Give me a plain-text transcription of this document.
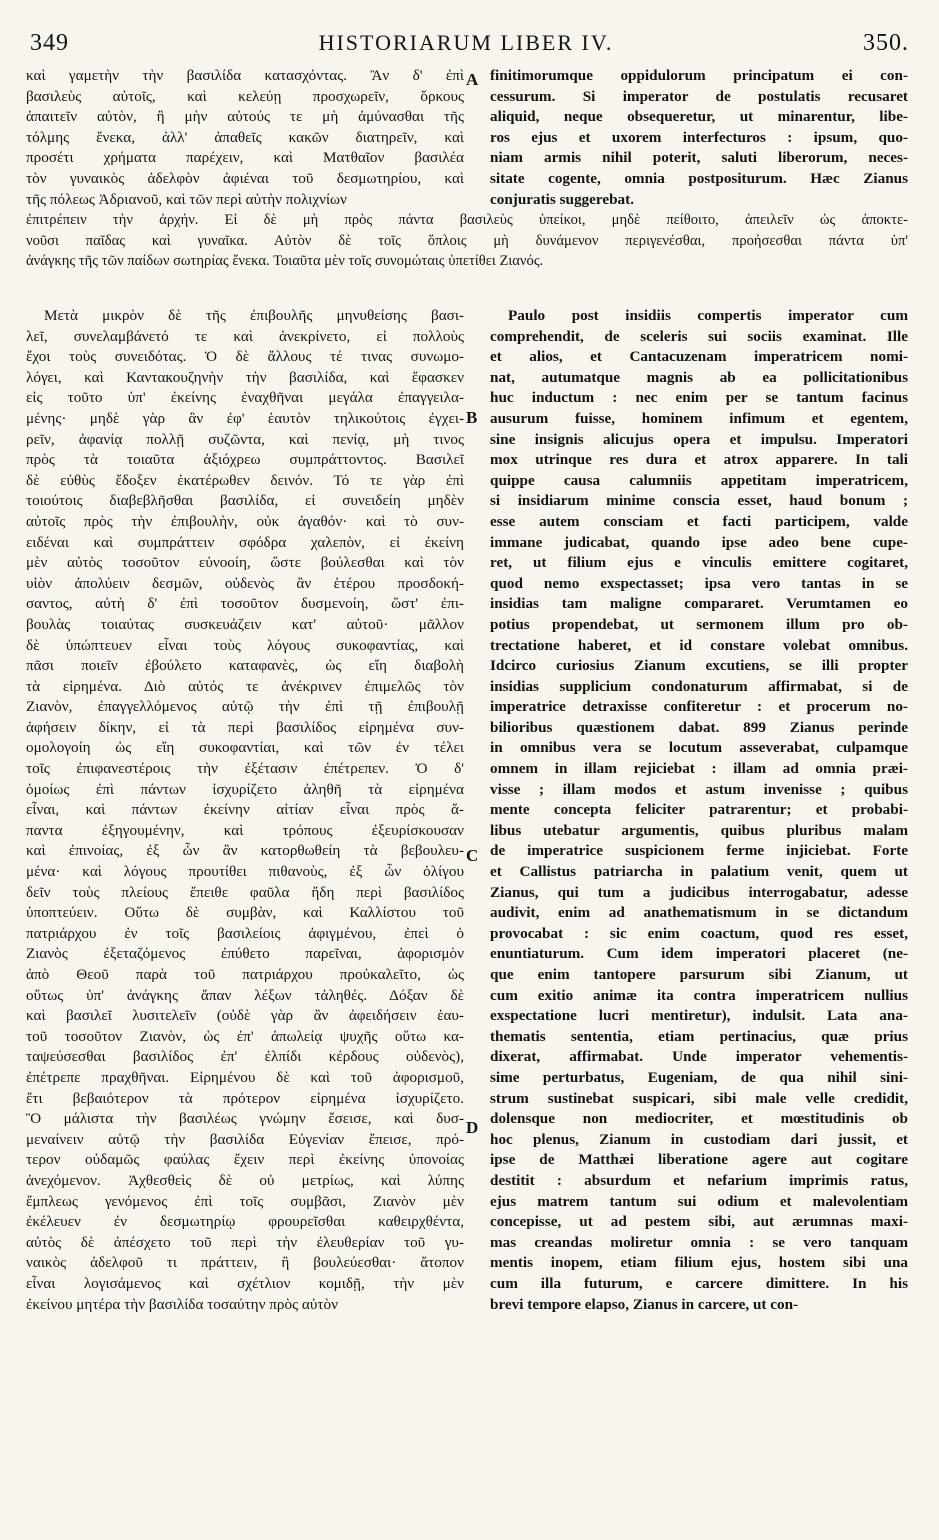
349	HISTORIARUM LIBER IV.	350.
καὶ γαμετὴν τὴν βασιλίδα κατασχόντας. Ἂν δ' ἐπὶ
βασιλεὺς αὐτοῖς, καὶ κελεύῃ προσχωρεῖν, ὅρκους
ἀπαιτεῖν αὐτὸν, ἢ μὴν αὐτούς τε μὴ ἀμύνασθαι τῆς
τόλμης ἕνεκα, ἀλλ' ἀπαθεῖς κακῶν διατηρεῖν, καὶ
προσέτι χρήματα παρέχειν, καὶ Ματθαῖον βασιλέα
τὸν γυναικὸς ἀδελφὸν ἀφιέναι τοῦ δεσμωτηρίου, καὶ
τῆς πόλεως Ἀδριανοῦ, καὶ τῶν περὶ αὐτὴν πολιχνίων
finitimorumque oppidulorum principatum ei con-
cessurum. Si imperator de postulatis recusaret
aliquid, neque obsequeretur, ut minarentur, libe-
ros ejus et uxorem interfecturos : ipsum, quo-
niam armis nihil poterit, saluti liberorum, neces-
sitate cogente, omnia postpositurum. Hæc Zianus
conjuratis suggerebat.
ἐπιτρέπειν τὴν ἀρχήν. Εἰ δὲ μὴ πρὸς πάντα βασιλεὺς ὑπείκοι, μηδὲ πείθοιτο, ἀπειλεῖν ὡς ἀποκτε-
νοῦσι παῖδας καὶ γυναῖκα. Αὐτὸν δὲ τοῖς ὅπλοις μὴ δυνάμενον περιγενέσθαι, προήσεσθαι πάντα ὑπ'
ἀνάγκης τῆς τῶν παίδων σωτηρίας ἕνεκα. Τοιαῦτα μὲν τοῖς συνομώταις ὑπετίθει Ζιανός.
Μετὰ μικρὸν δὲ τῆς ἐπιβουλῆς μηνυθείσης βασι-
λεῖ, συνελαμβάνετό τε καὶ ἀνεκρίνετο, εἰ πολλοὺς
ἔχοι τοὺς συνειδότας. Ὁ δὲ ἄλλους τέ τινας συνωμο-
λόγει, καὶ Κανταкουζηνὴν τὴν βασιλίδα, καὶ ἔφασκεν
εἰς τοῦτο ὑπ' ἐκείνης ἐναχθῆναι μεγάλα ἐπαγγειλα-
μένης· μηδὲ γὰρ ἂν ἐφ' ἑαυτὸν τηλικούτοις ἐγχει-
ρεῖν, ἀφανίᾳ πολλῇ συζῶντα, καὶ πενίᾳ, μὴ τινος
πρὸς τὰ τοιαῦτα ἀξιόχρεω συμπράττοντος. Βασιλεῖ
δὲ εὐθὺς ἔδοξεν ἑκατέρωθεν δεινόν. Τό τε γὰρ ἐπὶ
τοιούτοις διαβεβλῆσθαι βασιλίδα, εἰ συνειδείη μηδὲν
αὐτοῖς πρὸς τὴν ἐπιβουλὴν, οὐκ ἀγαθόν· καὶ τὸ συν-
ειδέναι καὶ συμπράττειν σφόδρα χαλεπὸν, εἰ ἐκείνη
μὲν αὐτὸς τοσοῦτον εὐνοοίη, ὥστε βούλεσθαι καὶ τὸν
υἱὸν ἀπολύειν δεσμῶν, οὐδενὸς ἂν ἑτέρου προσδοκή-
σαντος, αὐτὴ δ' ἐπὶ τοσοῦτον δυσμενοίη, ὥστ' ἐπι-
βουλὰς τοιαύτας συσκευάζειν κατ' αὐτοῦ· μᾶλλον
δὲ ὑπώπτευεν εἶναι τοὺς λόγους συκοφαντίας, καὶ
πᾶσι ποιεῖν ἐβούλετο καταφανὲς, ὡς εἴη διαβολὴ
τὰ εἰρημένα. Διὸ αὐτός τε ἀνέκρινεν ἐπιμελῶς τὸν
Ζιανὸν, ἐπαγγελλόμενος αὐτῷ τὴν ἐπὶ τῇ ἐπιβουλῇ
ἀφήσειν δίκην, εἰ τὰ περὶ βασιλίδος εἰρημένα συν-
ομολογοίη ὡς εἴη συκοφαντίαι, καὶ τῶν ἐν τέλει
τοῖς ἐπιφανεστέροις τὴν ἐξέτασιν ἐπέτρεπεν. Ὁ δ'
ὁμοίως ἐπὶ πάντων ἰσχυρίζετο ἀληθῆ τὰ εἰρημένα
εἶναι, καὶ πάντων ἐκείνην αἰτίαν εἶναι πρὸς ἅ-
παντα ἐξηγουμένην, καὶ τρόπους ἐξευρίσκουσαν
καὶ ἐπινοίας, ἐξ ὧν ἂν κατορθωθείη τὰ βεβουλευ-
μένα· καὶ λόγους προυτίθει πιθανοὺς, ἐξ ὧν ὀλίγου
δεῖν τοὺς πλείους ἔπειθε φαῦλα ἤδη περὶ βασιλίδος
ὑποπτεύειν. Οὕτω δὲ συμβὰν, καὶ Καλλίστου τοῦ
πατριάρχου ἐν τοῖς βασιλείοις ἀφιγμένου, ἐπεὶ ὁ
Ζιανὸς ἐξεταζόμενος ἐπύθετο παρεῖναι, ἀφορισμὸν
ἀπὸ Θεοῦ παρὰ τοῦ πατριάρχου προὐκαλεῖτο, ὡς
οὕτως ὑπ' ἀνάγκης ἅπαν λέξων τἀληθές. Δόξαν δὲ
καὶ βασιλεῖ λυσιτελεῖν (οὐδὲ γὰρ ἂν ἀφειδήσειν ἑαυ-
τοῦ τοσοῦτον Ζιανὸν, ὡς ἐπ' ἀπωλείᾳ ψυχῆς οὕτω κα-
ταψεύσεσθαι βασιλίδος ἐπ' ἐλπίδι κέρδους οὐδενὸς),
ἐπέτρεπε πραχθῆναι. Εἰρημένου δὲ καὶ τοῦ ἀφορισμοῦ,
ἔτι βεβαιότερον τὰ πρότερον εἰρημένα ἰσχυρίζετο.
Ὃ μάλιστα τὴν βασιλέως γνώμην ἔσεισε, καὶ δυσ-
μεναίνειν αὐτῷ τὴν βασιλίδα Εὐγενίαν ἔπεισε, πρό-
τερον οὐδαμῶς φαύλας ἔχειν περὶ ἐκείνης ὑπονοίας
ἀνεχόμενον. Ἀχθεσθεὶς δὲ οὐ μετρίως, καὶ λύπης
ἔμπλεως γενόμενος ἐπὶ τοῖς συμβᾶσι, Ζιανὸν μὲν
ἐκέλευεν ἐν δεσμωτηρίῳ φρουρεῖσθαι καθειρχθέντα,
αὐτὸς δὲ ἀπέσχετο τοῦ περὶ τὴν ἐλευθερίαν τοῦ γυ-
ναικὸς ἀδελφοῦ τι πράττειν, ἢ βουλεύεσθαι· ἄτοπον
εἶναι λογισάμενος καὶ σχέτλιον κομιδῇ, τὴν μὲν
ἐκείνου μητέρα τὴν βασιλίδα τοσαύτην πρὸς αὐτὸν
Paulo post insidiis compertis imperator cum
comprehendit, de sceleris sui sociis examinat. Ille
et alios, et Cantacuzenam imperatricem nomi-
nat, autumatque magnis ab ea pollicitationibus
huc inductum : nec enim per se tantum facinus
ausurum fuisse, hominem infimum et egentem,
sine insignis alicujus opera et impulsu. Imperatori
mox utrinque res dura et atrox apparere. In tali
quippe causa calumniis appetitam imperatricem,
si insidiarum minime conscia esset, haud bonum ;
esse autem consciam et facti participem, valde
immane judicabat, quando ipse adeo bene cupe-
ret, ut filium ejus e vinculis emittere cogitaret,
quod nemo exspectasset; ipsa vero tantas in se
insidias tam maligne compararet. Verumtamen eo
potius propendebat, ut sermonem illum pro ob-
trectatione haberet, et id constare volebat omnibus.
Idcirco curiosius Zianum excutiens, se illi propter
insidias supplicium condonaturum affirmabat, si de
imperatrice detraxisse confiteretur : et procerum no-
bilioribus quæstionem dabat. 899 Zianus perinde
in omnibus vera se locutum asseverabat, culpamque
omnem in illam rejiciebat : illam ad omnia præi-
visse ; illam modos et astum invenisse ; quibus
mente concepta feliciter patrarentur; et probabi-
libus utebatur argumentis, quibus pluribus malam
de imperatrice suspicionem ferme injiciebat. Forte
et Callistus patriarcha in palatium venit, quem ut
Zianus, qui tum a judicibus interrogabatur, adesse
audivit, enim ad anathematismum in se dictandum
provocabat : sic enim coactum, quod res esset,
enuntiaturum. Cum idem imperatori placeret (ne-
que enim tantopere parsurum sibi Zianum, ut
cum exitio animæ ita contra imperatricem nullius
exspectatione lucri mentiretur), indulsit. Lata ana-
thematis sententia, etiam pertinacius, quæ prius
dixerat, affirmabat. Unde imperator vehementis-
sime perturbatus, Eugeniam, de qua nihil sini-
strum sustinebat suspicari, sibi male velle credidit,
dolensque non mediocriter, et mœstitudinis ob
hoc plenus, Zianum in custodiam dari jussit, et
ipse de Matthæi liberatione agere aut cogitare
destitit : absurdum et nefarium imprimis ratus,
ejus matrem tantum sui odium et malevolentiam
concepisse, ut ad pestem sibi, aut ærumnas maxi-
mas creandas moliretur omnia : se vero tanquam
mentis inopem, etiam filium ejus, hostem sibi una
cum illa futurum, e carcere dimittere. In his
brevi tempore elapso, Zianus in carcere, ut con-
A
B
C
D
